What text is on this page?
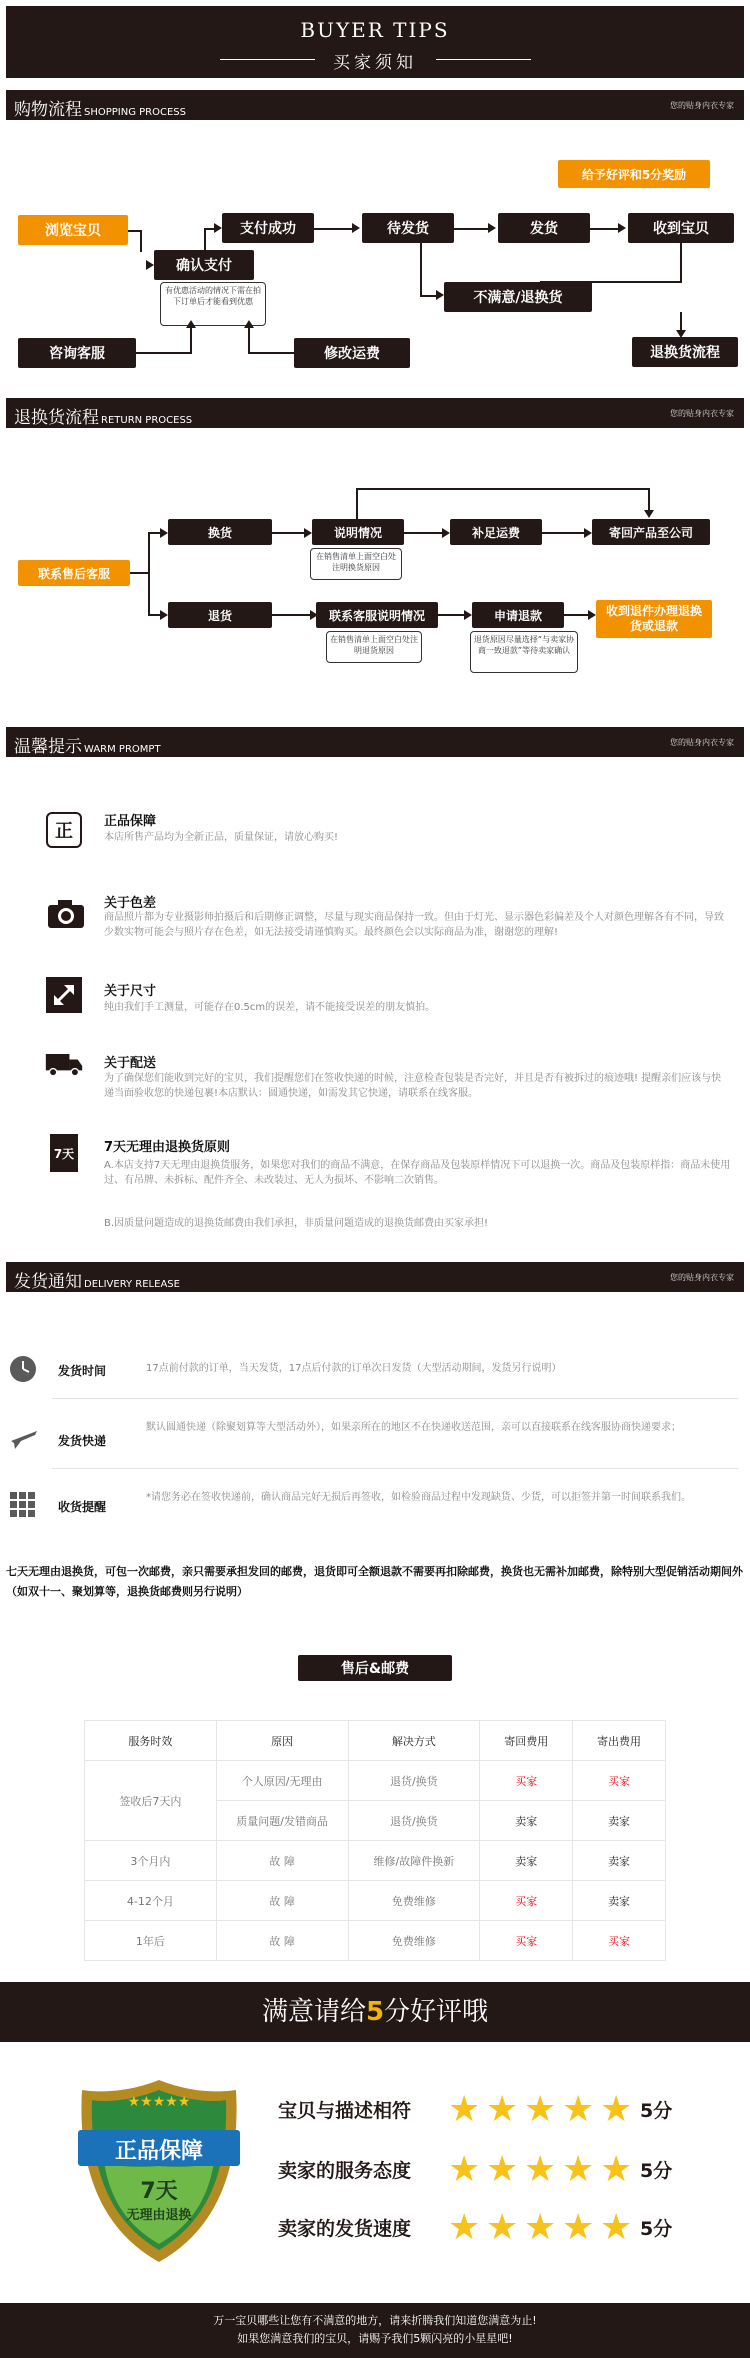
BUYER TIPS
买家须知
购物流程 SHOPPING PROCESS
您的贴身内衣专家
给予好评和5分奖励
浏览宝贝
确认支付
有优惠活动的情况下需在拍下订单后才能看到优惠
支付成功	待发货	发货	收到宝贝
不满意/退换货
退换货流程
咨询客服	修改运费
退换货流程 RETURN PROCESS
您的贴身内衣专家
联系售后客服
换货	说明情况
在销售清单上面空白处注明换货原因
补足运费	寄回产品至公司
退货	联系客服说明情况
在销售清单上面空白处注明退货原因
申请退款
退货原因尽量选择“与卖家协商一致退款”等待卖家确认
收到退件办理退换货或退款
温馨提示 WARM PROMPT
您的贴身内衣专家
正	正品保障
本店所售产品均为全新正品，质量保证，请放心购买!
关于色差
商品照片都为专业摄影师拍摄后和后期修正调整，尽量与现实商品保持一致。但由于灯光、显示器色彩偏差及个人对颜色理解各有不同，导致少数实物可能会与照片存在色差，如无法接受请谨慎购买。最终颜色会以实际商品为准，谢谢您的理解!
关于尺寸
纯由我们手工测量，可能存在0.5cm的误差，请不能接受误差的朋友慎拍。
关于配送
为了确保您们能收到完好的宝贝，我们提醒您们在签收快递的时候，注意检查包装是否完好，并且是否有被拆过的痕迹哦! 提醒亲们应该与快递当面验收您的快递包裹!本店默认：圆通快递，如需发其它快递，请联系在线客服。
7天 7天无理由退换货原则
A.本店支持7天无理由退换货服务，如果您对我们的商品不满意，在保存商品及包装原样情况下可以退换一次。商品及包装原样指：商品未使用过、有吊牌、未拆标、配件齐全、未改装过、无人为损坏、不影响二次销售。
B.因质量问题造成的退换货邮费由我们承担，非质量问题造成的退换货邮费由买家承担!
发货通知 DELIVERY RELEASE
您的贴身内衣专家
发货时间	17点前付款的订单，当天发货，17点后付款的订单次日发货（大型活动期间，发货另行说明）
发货快递
默认圆通快递（除聚划算等大型活动外），如果亲所在的地区不在快递收送范围，亲可以直接联系在线客服协商快递要求；
收货提醒
*请您务必在签收快递前，确认商品完好无损后再签收，如检验商品过程中发现缺货、少货，可以拒签并第一时间联系我们。
七天无理由退换货，可包一次邮费，亲只需要承担发回的邮费，退货即可全额退款不需要再扣除邮费，换货也无需补加邮费，除特别大型促销活动期间外（如双十一、聚划算等，退换货邮费则另行说明）
售后&邮费
服务时效	原因	解决方式	寄回费用	寄出费用
签收后7天内	个人原因/无理由	退货/换货	买家	买家
	质量问题/发错商品	退货/换货	卖家	卖家
3个月内	故 障	维修/故障件换新	卖家	卖家
4-12个月	故 障	免费维修	买家	卖家
1年后	故 障	免费维修	买家	买家
满意请给5分好评哦
★★★★★
正品保障
7天
无理由退换
宝贝与描述相符 ★ ★ ★ ★ ★ 5分
卖家的服务态度 ★ ★ ★ ★ ★ 5分
卖家的发货速度 ★ ★ ★ ★ ★ 5分
万一宝贝哪些让您有不满意的地方，请来折腾我们知道您满意为止!
如果您满意我们的宝贝，请赐予我们5颗闪亮的小星星吧!
